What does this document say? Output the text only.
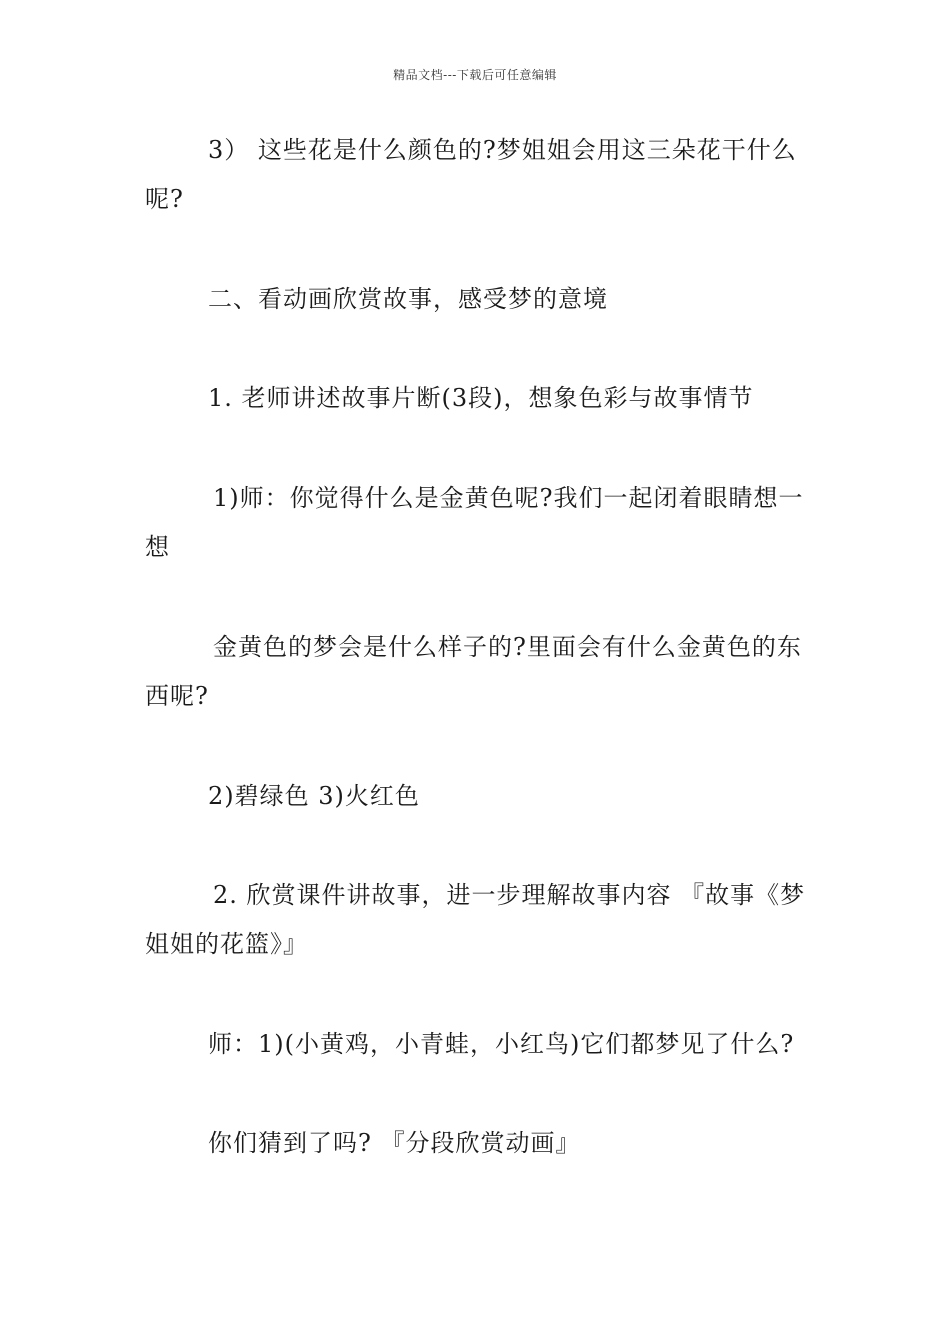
精品文档---下载后可任意编辑

3） 这些花是什么颜色的?梦姐姐会用这三朵花干什么呢?

二、看动画欣赏故事，感受梦的意境

1. 老师讲述故事片断(3段)，想象色彩与故事情节

1)师：你觉得什么是金黄色呢?我们一起闭着眼睛想一想

金黄色的梦会是什么样子的?里面会有什么金黄色的东西呢?

2)碧绿色 3)火红色

2. 欣赏课件讲故事，进一步理解故事内容 『故事《梦姐姐的花篮》』

师：1)(小黄鸡，小青蛙，小红鸟)它们都梦见了什么?

你们猜到了吗? 『分段欣赏动画』
